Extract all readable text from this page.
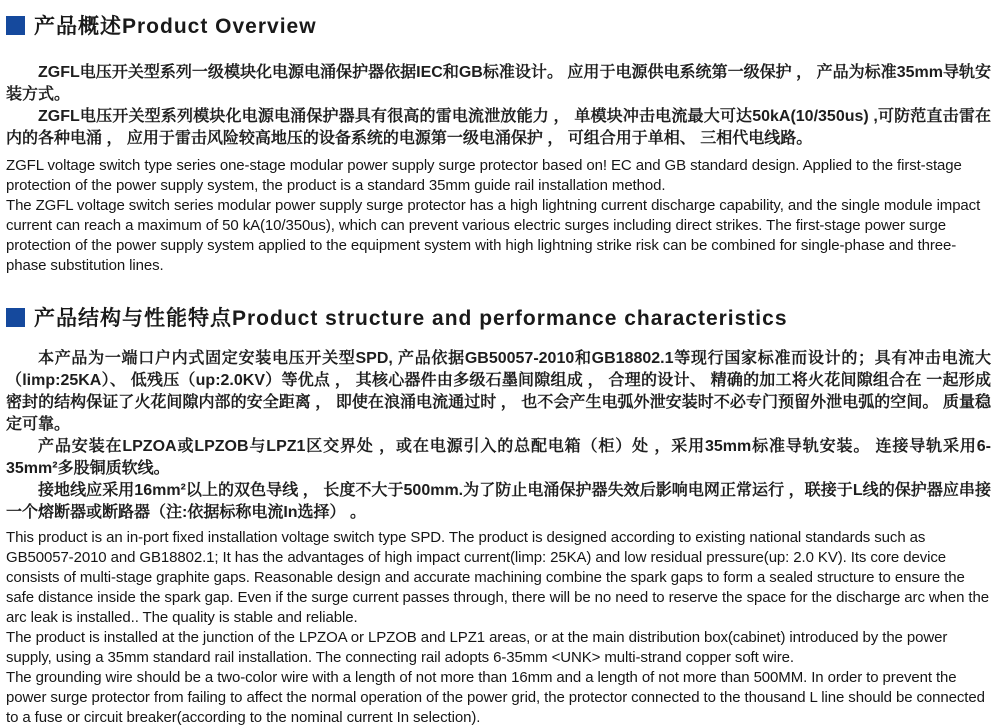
产品概述Product Overview

ZGFL电压开关型系列一级模块化电源电涌保护器依据IEC和GB标准设计。 应用于电源供电系统第一级保护 ， 产品为标准35mm导轨安装方式。

ZGFL电压开关型系列模块化电源电涌保护器具有很高的雷电流泄放能力 ， 单模块冲击电流最大可达50kA(10/350us) ,可防范直击雷在内的各种电涌 ， 应用于雷击风险较高地压的设备系统的电源第一级电涌保护 ， 可组合用于单相、 三相代电线路。

ZGFL voltage switch type series one-stage modular power supply surge protector based on! EC and GB standard design. Applied to the first-stage protection of the power supply system, the product is a standard 35mm guide rail installation method.

The ZGFL voltage switch series modular power supply surge protector has a high lightning current discharge capability, and the single module impact current can reach a maximum of 50 kA(10/350us), which can prevent various electric surges including direct strikes. The first-stage power surge protection of the power supply system applied to the equipment system with high lightning strike risk can be combined for single-phase and three-phase substitution lines.

产品结构与性能特点Product structure and performance characteristics

本产品为一端口户内式固定安装电压开关型SPD, 产品依据GB50057-2010和GB18802.1等现行国家标准而设计的；具有冲击电流大（limp:25KA）、 低残压（up:2.0KV）等优点 ， 其核心器件由多级石墨间隙组成 ， 合理的设计、 精确的加工将火花间隙组合在 一起形成密封的结构保证了火花间隙内部的安全距离 ， 即使在浪涌电流通过时 ， 也不会产生电弧外泄安装时不必专门预留外泄电弧的空间。 质量稳定可靠。

产品安装在LPZOA或LPZOB与LPZ1区交界处 ，或在电源引入的总配电箱（柜）处 ，采用35mm标准导轨安装。 连接导轨采用6-35mm²多股铜质软线。

接地线应采用16mm²以上的双色导线 ， 长度不大于500mm.为了防止电涌保护器失效后影响电网正常运行 ，联接于L线的保护器应串接一个熔断器或断路器（注:依据标称电流In选择） 。

This product is an in-port fixed installation voltage switch type SPD. The product is designed according to existing national standards such as GB50057-2010 and GB18802.1; It has the advantages of high impact current(limp: 25KA) and low residual pressure(up: 2.0 KV). Its core device consists of multi-stage graphite gaps. Reasonable design and accurate machining combine the spark gaps to form a sealed structure to ensure the safe distance inside the spark gap. Even if the surge current passes through, there will be no need to reserve the space for the discharge arc when the arc leak is installed.. The quality is stable and reliable.

The product is installed at the junction of the LPZOA or LPZOB and LPZ1 areas, or at the main distribution box(cabinet) introduced by the power supply, using a 35mm standard rail installation. The connecting rail adopts 6-35mm <UNK> multi-strand copper soft wire.

The grounding wire should be a two-color wire with a length of not more than 16mm and a length of not more than 500MM. In order to prevent the power surge protector from failing to affect the normal operation of the power grid, the protector connected to the thousand L line should be connected to a fuse or circuit breaker(according to the nominal current In selection).
